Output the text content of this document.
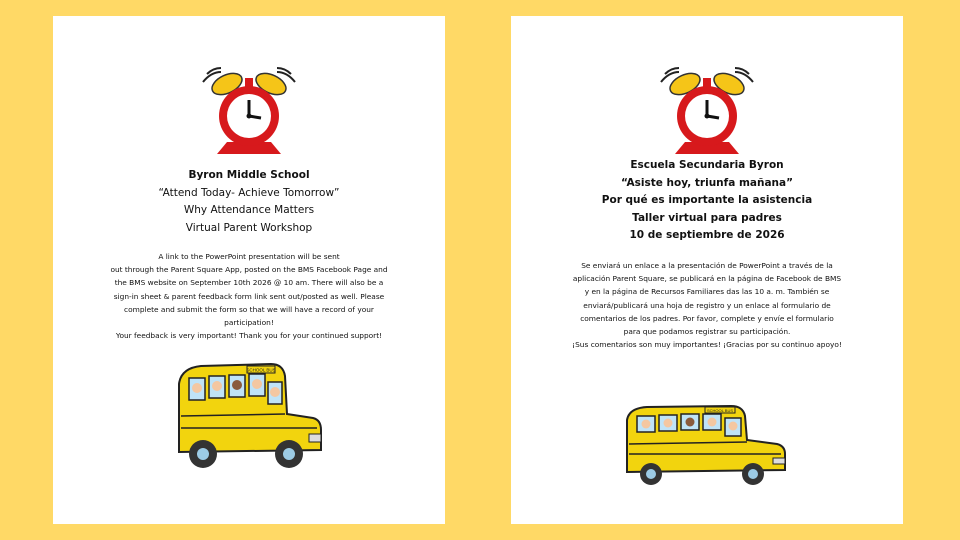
Byron Middle School
“Attend Today- Achieve Tomorrow”
Why Attendance Matters
Virtual Parent Workshop
A link to the PowerPoint presentation will be sent
out through the Parent Square App, posted on the BMS Facebook Page and
the BMS website on September 10th 2026 @ 10 am. There will also be a
sign-in sheet & parent feedback form link sent out/posted as well. Please
complete and submit the form so that we will have a record of your
participation!
Your feedback is very important! Thank you for your continued support!
SCHOOL BUS
Escuela Secundaria Byron
“Asiste hoy, triunfa mañana”
Por qué es importante la asistencia
Taller virtual para padres
10 de septiembre de 2026
Se enviará un enlace a la presentación de PowerPoint a través de la
aplicación Parent Square, se publicará en la página de Facebook de BMS
y en la página de Recursos Familiares das las 10 a. m. También se
enviará/publicará una hoja de registro y un enlace al formulario de
comentarios de los padres. Por favor, complete y envíe el formulario
para que podamos registrar su participación.
¡Sus comentarios son muy importantes! ¡Gracias por su continuo apoyo!
SCHOOL BUS
